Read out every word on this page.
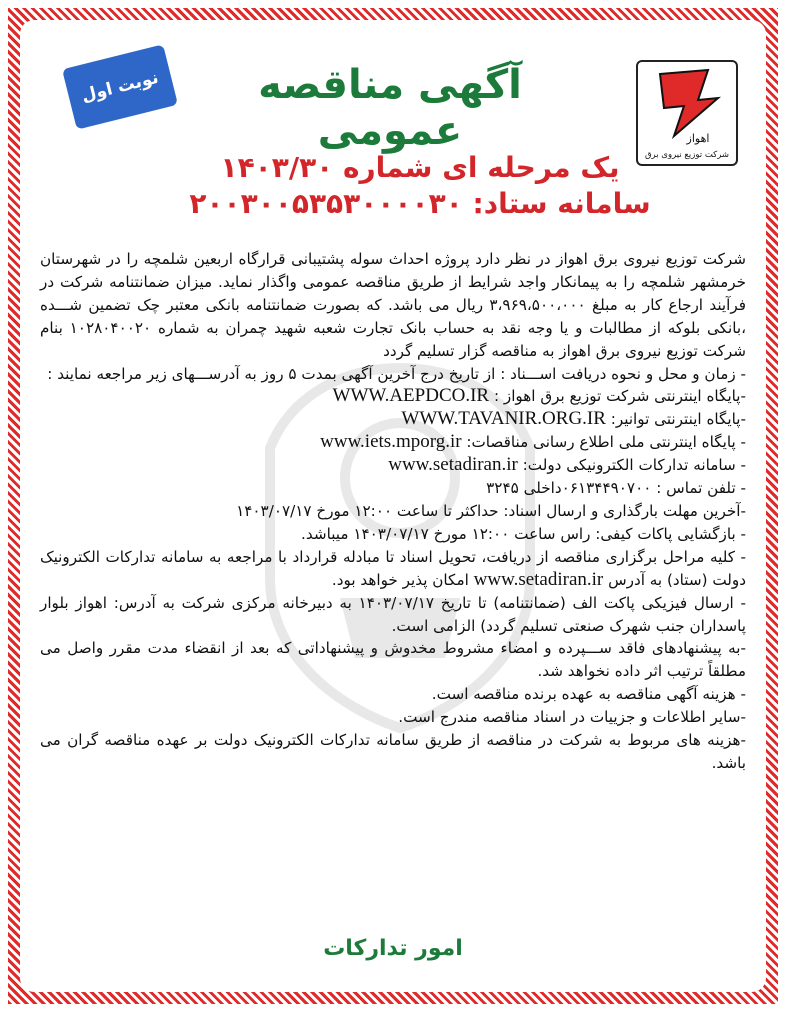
نوبت اول	آگهی مناقصه عمومی	اهواز
شرکت توزیع نیروی برق
یک مرحله ای شماره ۱۴۰۳/۳۰
سامانه ستاد: ۲۰۰۳۰۰۵۳۵۳۰۰۰۰۳۰

شرکت توزیع نیروی برق اهواز در نظر دارد پروژه احداث سوله پشتیبانی قرارگاه اربعین شلمچه را در شهرستان خرمشهر شلمچه را به پیمانکار واجد شرایط از طریق مناقصه عمومی واگذار نماید. میزان ضمانتنامه شرکت در فرآیند ارجاع کار به مبلغ ۳،۹۶۹،۵۰۰،۰۰۰ ریال می باشد. که بصورت ضمانتنامه بانکی معتبر چک تضمین شـــده ،بانکی بلوکه از مطالبات و یا وجه نقد به حساب بانک تجارت شعبه شهید چمران به شماره ۱۰۲۸۰۴۰۰۲۰ بنام شرکت توزیع نیروی برق اهواز به مناقصه گزار تسلیم گردد

- زمان و محل و نحوه دریافت اســـناد : از تاریخ درج آخرین آگهی بمدت ۵ روز به آدرســـهای زیر مراجعه نمایند :

-پایگاه اینترنتی شرکت توزیع برق اهواز : WWW.AEPDCO.IR

-پایگاه اینترنتی توانیر: WWW.TAVANIR.ORG.IR

- پایگاه اینترنتی ملی اطلاع رسانی مناقصات: www.iets.mporg.ir

- سامانه تدارکات الکترونیکی دولت: www.setadiran.ir

- تلفن تماس : ۰۶۱۳۴۴۹۰۷۰۰داخلی ۳۲۴۵

-آخرین مهلت بارگذاری و ارسال اسناد: حداکثر تا ساعت ۱۲:۰۰ مورخ ۱۴۰۳/۰۷/۱۷

- بازگشایی پاکات کیفی: راس ساعت ۱۲:۰۰ مورخ ۱۴۰۳/۰۷/۱۷ میباشد.

- کلیه مراحل برگزاری مناقصه از دریافت، تحویل اسناد تا مبادله قرارداد با مراجعه به سامانه تدارکات الکترونیک دولت (ستاد) به آدرس www.setadiran.ir امکان پذیر خواهد بود.

- ارسال فیزیکی پاکت الف (ضمانتنامه) تا تاریخ ۱۴۰۳/۰۷/۱۷ به دبیرخانه مرکزی شرکت به آدرس: اهواز بلوار پاسداران جنب شهرک صنعتی تسلیم گردد) الزامی است.

-به پیشنهادهای فاقد ســـپرده و امضاء مشروط مخدوش و پیشنهاداتی که بعد از انقضاء مدت مقرر واصل می مطلقاً ترتیب اثر داده نخواهد شد.

- هزینه آگهی مناقصه به عهده برنده مناقصه است.

-سایر اطلاعات و جزییات در اسناد مناقصه مندرج است.

-هزینه های مربوط به شرکت در مناقصه از طریق سامانه تدارکات الکترونیک دولت بر عهده مناقصه گران می باشد.

امور تدارکات
